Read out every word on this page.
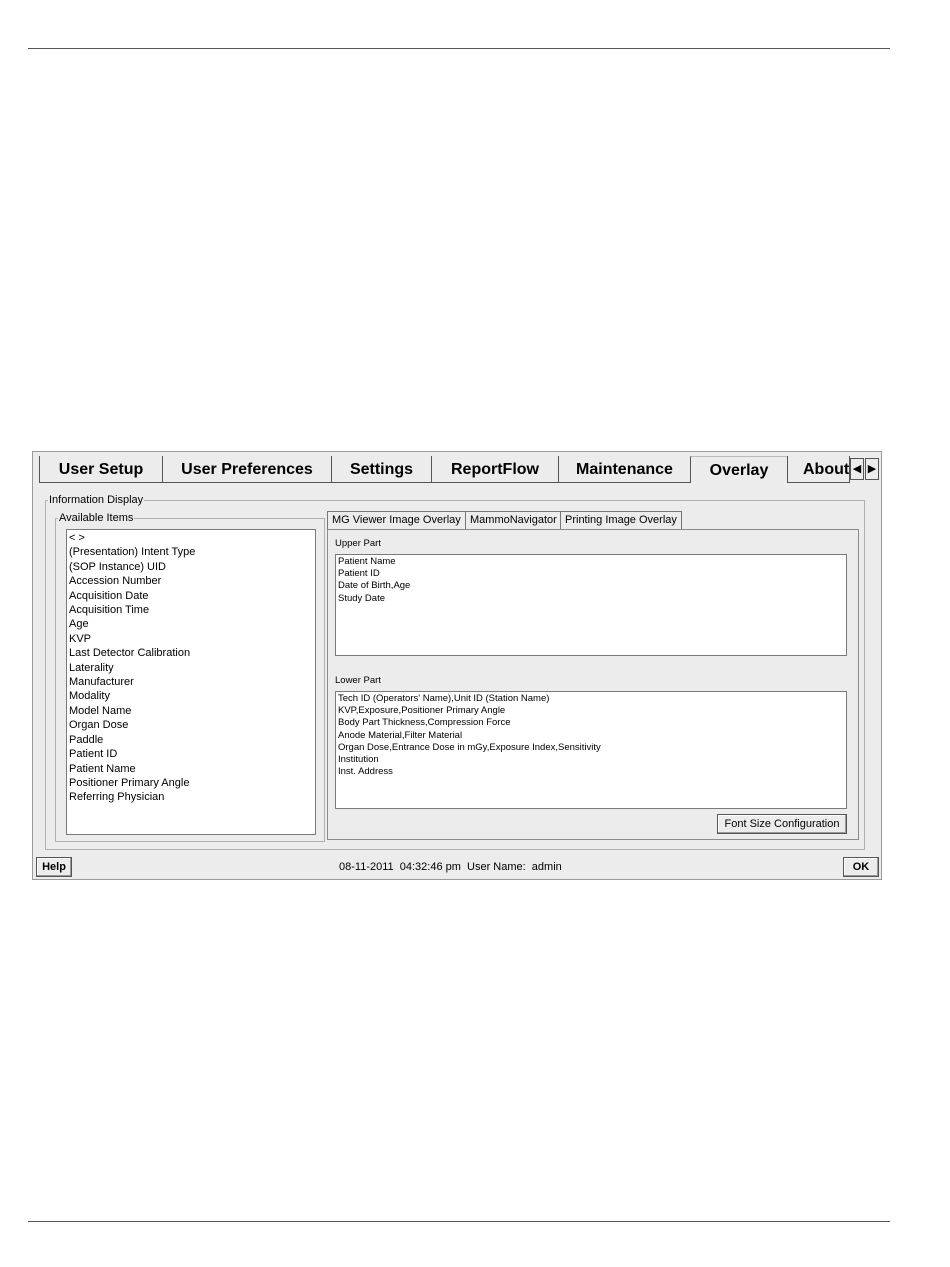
User Setup	User Preferences	Settings	ReportFlow	Maintenance	Overlay	About ◀ ▶
Information Display
Available Items
< >
(Presentation) Intent Type
(SOP Instance) UID
Accession Number
Acquisition Date
Acquisition Time
Age
KVP
Last Detector Calibration
Laterality
Manufacturer
Modality
Model Name
Organ Dose
Paddle
Patient ID
Patient Name
Positioner Primary Angle
Referring Physician
MG Viewer Image Overlay MammoNavigator Printing Image Overlay
Upper Part
Patient Name
Patient ID
Date of Birth,Age
Study Date
Lower Part
Tech ID (Operators' Name),Unit ID (Station Name)
KVP,Exposure,Positioner Primary Angle
Body Part Thickness,Compression Force
Anode Material,Filter Material
Organ Dose,Entrance Dose in mGy,Exposure Index,Sensitivity
Institution
Inst. Address
Font Size Configuration
Help	08-11-2011  04:32:46 pm  User Name:  admin	OK
